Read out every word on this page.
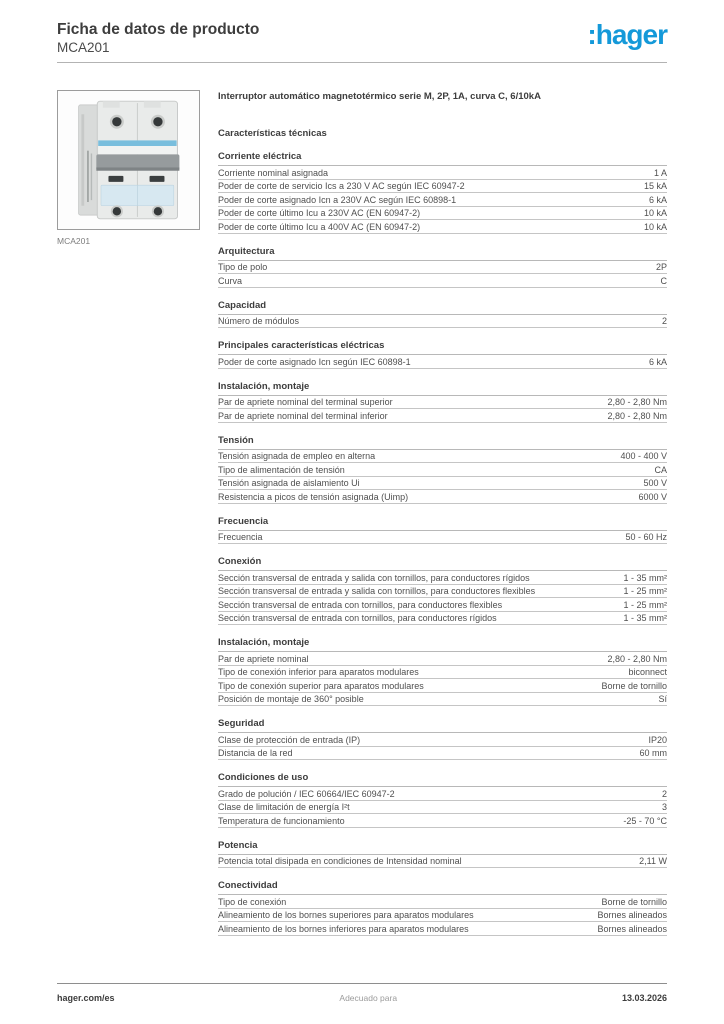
Ficha de datos de producto
MCA201	:hager
MCA201
Interruptor automático magnetotérmico serie M, 2P, 1A, curva C, 6/10kA
Características técnicas
Corriente eléctrica
Corriente nominal asignada	1 A
Poder de corte de servicio Ics a 230 V AC según IEC 60947-2	15 kA
Poder de corte asignado Icn a 230V AC según IEC 60898-1	6 kA
Poder de corte último Icu a 230V AC (EN 60947-2)	10 kA
Poder de corte último Icu a 400V AC (EN 60947-2)	10 kA
Arquitectura
Tipo de polo	2P
Curva	C
Capacidad
Número de módulos	2
Principales características eléctricas
Poder de corte asignado Icn según IEC 60898-1	6 kA
Instalación, montaje
Par de apriete nominal del terminal superior	2,80 - 2,80 Nm
Par de apriete nominal del terminal inferior	2,80 - 2,80 Nm
Tensión
Tensión asignada de empleo en alterna	400 - 400 V
Tipo de alimentación de tensión	CA
Tensión asignada de aislamiento Ui	500 V
Resistencia a picos de tensión asignada (Uimp)	6000 V
Frecuencia
Frecuencia	50 - 60 Hz
Conexión
Sección transversal de entrada y salida con tornillos, para conductores rígidos	1 - 35 mm²
Sección transversal de entrada y salida con tornillos, para conductores flexibles	1 - 25 mm²
Sección transversal de entrada con tornillos, para conductores flexibles	1 - 25 mm²
Sección transversal de entrada con tornillos, para conductores rígidos	1 - 35 mm²
Instalación, montaje
Par de apriete nominal	2,80 - 2,80 Nm
Tipo de conexión inferior para aparatos modulares	biconnect
Tipo de conexión superior para aparatos modulares	Borne de tornillo
Posición de montaje de 360° posible	Sí
Seguridad
Clase de protección de entrada (IP)	IP20
Distancia de la red	60 mm
Condiciones de uso
Grado de polución / IEC 60664/IEC 60947-2	2
Clase de limitación de energía I²t	3
Temperatura de funcionamiento	-25 - 70 °C
Potencia
Potencia total disipada en condiciones de Intensidad nominal	2,11 W
Conectividad
Tipo de conexión	Borne de tornillo
Alineamiento de los bornes superiores para aparatos modulares	Bornes alineados
Alineamiento de los bornes inferiores para aparatos modulares	Bornes alineados
hager.com/es	Adecuado para	13.03.2026
